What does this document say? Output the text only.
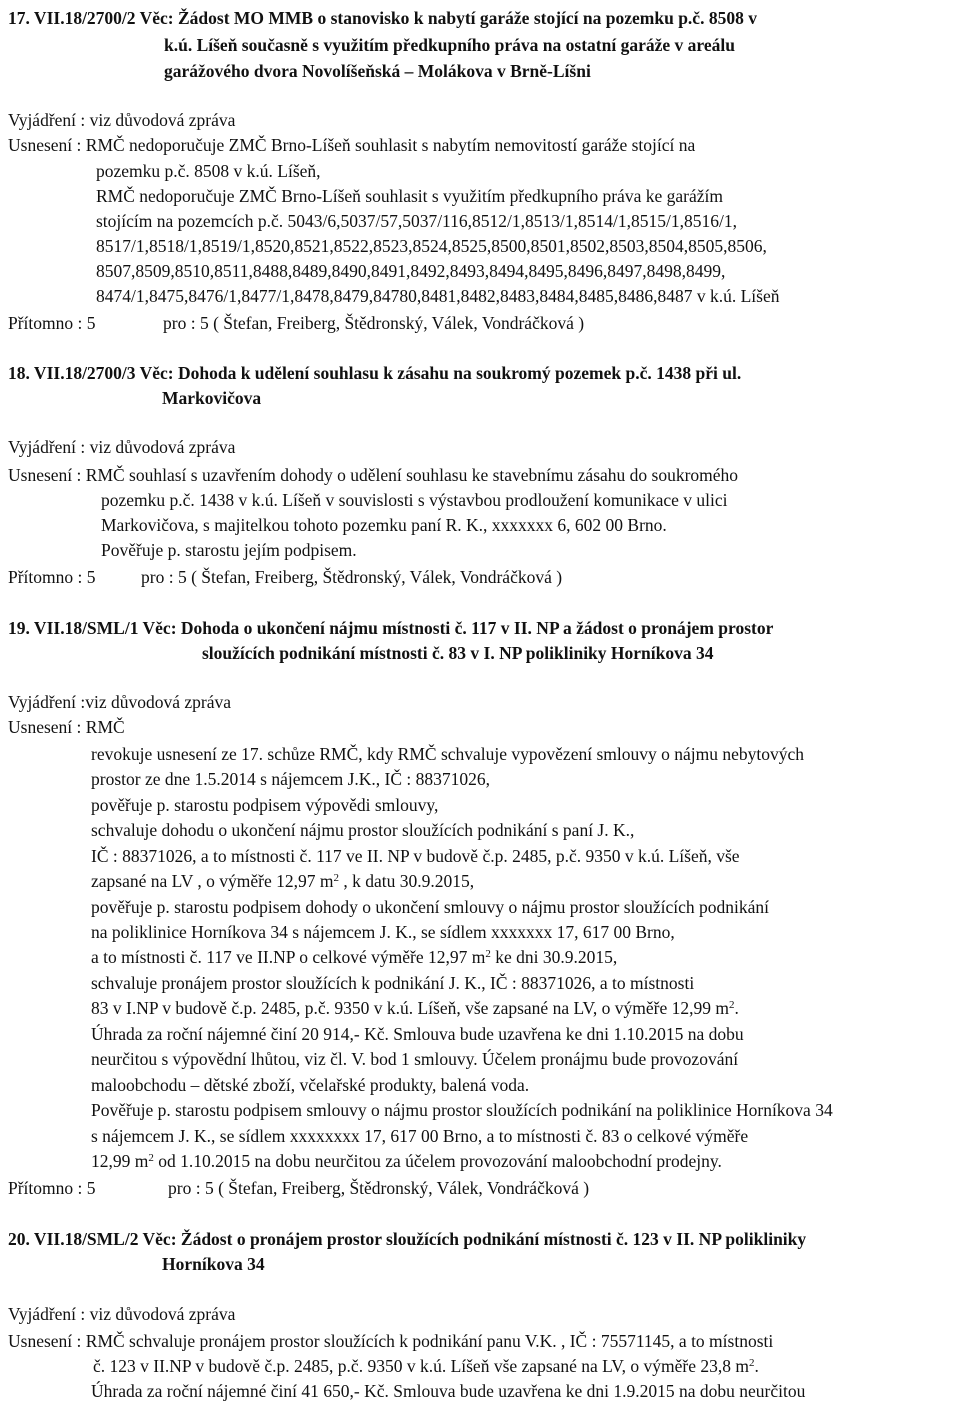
17. VII.18/2700/2 Věc: Žádost MO MMB o stanovisko k nabytí garáže stojící na pozemku p.č. 8508 v
k.ú. Líšeň současně s využitím předkupního práva na ostatní garáže v areálu
garážového dvora Novolíšeňská – Molákova v Brně-Líšni
Vyjádření : viz důvodová zpráva
Usnesení : RMČ nedoporučuje ZMČ Brno-Líšeň souhlasit s nabytím nemovitostí garáže stojící na
pozemku p.č. 8508 v k.ú. Líšeň,
RMČ nedoporučuje ZMČ Brno-Líšeň souhlasit s využitím předkupního práva ke garážím
stojícím na pozemcích p.č. 5043/6,5037/57,5037/116,8512/1,8513/1,8514/1,8515/1,8516/1,
8517/1,8518/1,8519/1,8520,8521,8522,8523,8524,8525,8500,8501,8502,8503,8504,8505,8506,
8507,8509,8510,8511,8488,8489,8490,8491,8492,8493,8494,8495,8496,8497,8498,8499,
8474/1,8475,8476/1,8477/1,8478,8479,84780,8481,8482,8483,8484,8485,8486,8487 v k.ú. Líšeň
Přítomno : 5	pro : 5 ( Štefan, Freiberg, Štědronský, Válek, Vondráčková )
18. VII.18/2700/3 Věc: Dohoda k udělení souhlasu k zásahu na soukromý pozemek p.č. 1438 při ul.
Markovičova
Vyjádření : viz důvodová zpráva
Usnesení : RMČ souhlasí s uzavřením dohody o udělení souhlasu ke stavebnímu zásahu do soukromého
pozemku p.č. 1438 v k.ú. Líšeň v souvislosti s výstavbou prodloužení komunikace v ulici
Markovičova, s majitelkou tohoto pozemku paní R. K., xxxxxxx 6, 602 00 Brno.
Pověřuje p. starostu jejím podpisem.
Přítomno : 5	pro : 5 ( Štefan, Freiberg, Štědronský, Válek, Vondráčková )
19. VII.18/SML/1 Věc: Dohoda o ukončení nájmu místnosti č. 117 v II. NP a žádost o pronájem prostor
sloužících podnikání místnosti č. 83 v I. NP polikliniky Horníkova 34
Vyjádření :viz důvodová zpráva
Usnesení : RMČ
revokuje usnesení ze 17. schůze RMČ, kdy RMČ schvaluje vypovězení smlouvy o nájmu nebytových
prostor ze dne 1.5.2014 s nájemcem J.K., IČ : 88371026,
pověřuje p. starostu podpisem výpovědi smlouvy,
schvaluje dohodu o ukončení nájmu prostor sloužících podnikání s paní J. K.,
IČ : 88371026, a to místnosti č. 117 ve II. NP v budově č.p. 2485, p.č. 9350 v k.ú. Líšeň, vše
zapsané na LV , o výměře 12,97 $m^2$ , k datu 30.9.2015,
pověřuje p. starostu podpisem dohody o ukončení smlouvy o nájmu prostor sloužících podnikání
na poliklinice Horníkova 34 s nájemcem J. K., se sídlem xxxxxxx 17, 617 00 Brno,
a to místnosti č. 117 ve II.NP o celkové výměře 12,97 $m^2$ ke dni 30.9.2015,
schvaluje pronájem prostor sloužících k podnikání J. K., IČ : 88371026, a to místnosti
83 v I.NP v budově č.p. 2485, p.č. 9350 v k.ú. Líšeň, vše zapsané na LV, o výměře 12,99 $m^2$.
Úhrada za roční nájemné činí 20 914,- Kč. Smlouva bude uzavřena ke dni 1.10.2015 na dobu
neurčitou s výpovědní lhůtou, viz čl. V. bod 1 smlouvy. Účelem pronájmu bude provozování
maloobchodu – dětské zboží, včelařské produkty, balená voda.
Pověřuje p. starostu podpisem smlouvy o nájmu prostor sloužících podnikání na poliklinice Horníkova 34
s nájemcem J. K., se sídlem xxxxxxxx 17, 617 00 Brno, a to místnosti č. 83 o celkové výměře
12,99 $m^2$ od 1.10.2015 na dobu neurčitou za účelem provozování maloobchodní prodejny.
Přítomno : 5	pro : 5 ( Štefan, Freiberg, Štědronský, Válek, Vondráčková )
20. VII.18/SML/2 Věc: Žádost o pronájem prostor sloužících podnikání místnosti č. 123 v II. NP polikliniky
Horníkova 34
Vyjádření : viz důvodová zpráva
Usnesení : RMČ schvaluje pronájem prostor sloužících k podnikání panu V.K. , IČ : 75571145, a to místnosti
č. 123 v II.NP v budově č.p. 2485, p.č. 9350 v k.ú. Líšeň vše zapsané na LV, o výměře 23,8 $m^2$.
Úhrada za roční nájemné činí 41 650,- Kč. Smlouva bude uzavřena ke dni 1.9.2015 na dobu neurčitou
